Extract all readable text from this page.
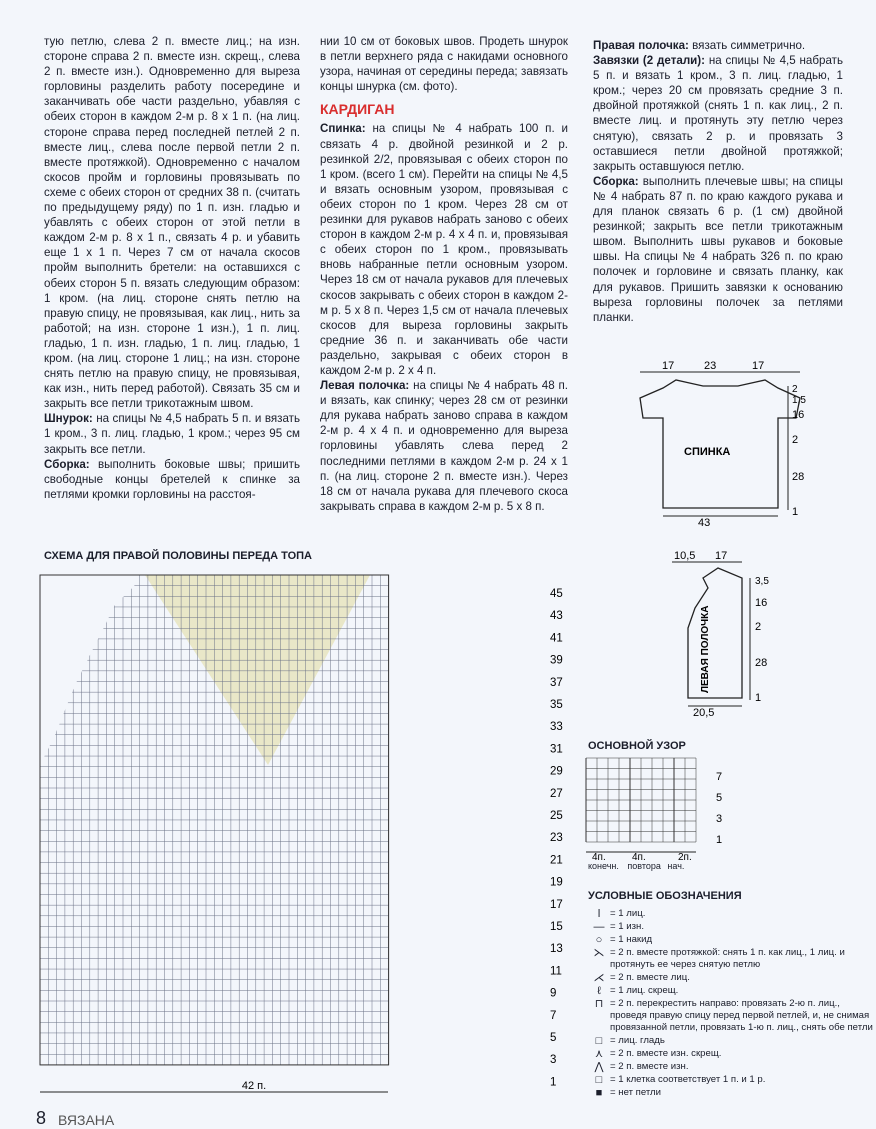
тую петлю, слева 2 п. вместе лиц.; на изн. стороне справа 2 п. вместе изн. скрещ., слева 2 п. вместе изн.). Одновременно для выреза горловины разделить работу посередине и заканчивать обе части раздельно, убавляя с обеих сторон в каждом 2-м р. 8 х 1 п. (на лиц. стороне справа перед последней петлей 2 п. вместе лиц., слева после первой петли 2 п. вместе протяжкой). Одновременно с началом скосов пройм и горловины провязывать по схеме с обеих сторон от средних 38 п. (считать по предыдущему ряду) по 1 п. изн. гладью и убавлять с обеих сторон от этой петли в каждом 2-м р. 8 х 1 п., связать 4 р. и убавить еще 1 х 1 п. Через 7 см от начала скосов пройм выполнить бретели: на оставшихся с обеих сторон 5 п. вязать следующим образом: 1 кром. (на лиц. стороне снять петлю на правую спицу, не провязывая, как лиц., нить за работой; на изн. стороне 1 изн.), 1 п. лиц. гладью, 1 п. изн. гладью, 1 п. лиц. гладью, 1 кром. (на лиц. стороне 1 лиц.; на изн. стороне снять петлю на правую спицу, не провязывая, как изн., нить перед работой). Связать 35 см и закрыть все петли трикотажным швом.

Шнурок: на спицы № 4,5 набрать 5 п. и вязать 1 кром., 3 п. лиц. гладью, 1 кром.; через 95 см закрыть все петли.

Сборка: выполнить боковые швы; пришить свободные концы бретелей к спинке за петлями кромки горловины на расстоя-

нии 10 см от боковых швов. Продеть шнурок в петли верхнего ряда с накидами основного узора, начиная от середины переда; завязать концы шнурка (см. фото).

КАРДИГАН

Спинка: на спицы № 4 набрать 100 п. и связать 4 р. двойной резинкой и 2 р. резинкой 2/2, провязывая с обеих сторон по 1 кром. (всего 1 см). Перейти на спицы № 4,5 и вязать основным узором, провязывая с обеих сторон по 1 кром. Через 28 см от резинки для рукавов набрать заново с обеих сторон в каждом 2-м р. 4 х 4 п. и, провязывая с обеих сторон по 1 кром., провязывать вновь набранные петли основным узором. Через 18 см от начала рукавов для плечевых скосов закрывать с обеих сторон в каждом 2-м р. 5 х 8 п. Через 1,5 см от начала плечевых скосов для выреза горловины закрыть средние 36 п. и заканчивать обе части раздельно, закрывая с обеих сторон в каждом 2-м р. 2 х 4 п.

Левая полочка: на спицы № 4 набрать 48 п. и вязать, как спинку; через 28 см от резинки для рукава набрать заново справа в каждом 2-м р. 4 х 4 п. и одновременно для выреза горловины убавлять слева перед 2 последними петлями в каждом 2-м р. 24 х 1 п. (на лиц. стороне 2 п. вместе изн.). Через 18 см от начала рукава для плечевого скоса закрывать справа в каждом 2-м р. 5 х 8 п.

Правая полочка: вязать симметрично.

Завязки (2 детали): на спицы № 4,5 набрать 5 п. и вязать 1 кром., 3 п. лиц. гладью, 1 кром.; через 20 см провязать средние 3 п. двойной протяжкой (снять 1 п. как лиц., 2 п. вместе лиц. и протянуть эту петлю через снятую), связать 2 р. и провязать 3 оставшиеся петли двойной протяжкой; закрыть оставшуюся петлю.

Сборка: выполнить плечевые швы; на спицы № 4 набрать 87 п. по краю каждого рукава и для планок связать 6 р. (1 см) двойной резинкой; закрыть все петли трикотажным швом. Выполнить швы рукавов и боковые швы. На спицы № 4 набрать 326 п. по краю полочек и горловине и связать планку, как для рукавов. Пришить завязки к основанию выреза горловины полочек за петлями планки.

СХЕМА ДЛЯ ПРАВОЙ ПОЛОВИНЫ ПЕРЕДА ТОПА
45
43
41
39
37
35
33
31
29
27
25
23
21
19
17
15
13
11
9
7
5
3
1
42 п.
17	23	17
2
1,5
16
2
28
1
СПИНКА
43
10,5 17
3,5
16
2
28
1
ЛЕВАЯ ПОЛОЧКА
20,5
ОСНОВНОЙ УЗОР
7
5
3
1
4п.	4п.	2п.
конечн. повтора нач.
УСЛОВНЫЕ ОБОЗНАЧЕНИЯ
ǀ = 1 лиц.
— = 1 изн.
○ = 1 накид
⋋ = 2 п. вместе протяжкой: снять 1 п. как лиц., 1 лиц. и протянуть ее через снятую петлю
⋌ = 2 п. вместе лиц.
ℓ = 1 лиц. скрещ.
⊓ = 2 п. перекрестить направо: провязать 2-ю п. лиц., проведя правую спицу перед первой петлей, и, не снимая провязанной петли, провязать 1-ю п. лиц., снять обе петли
□ = лиц. гладь
⋏ = 2 п. вместе изн. скрещ.
⋀ = 2 п. вместе изн.
□ = 1 клетка соответствует 1 п. и 1 р.
■ = нет петли
8 ВЯЗАНА
